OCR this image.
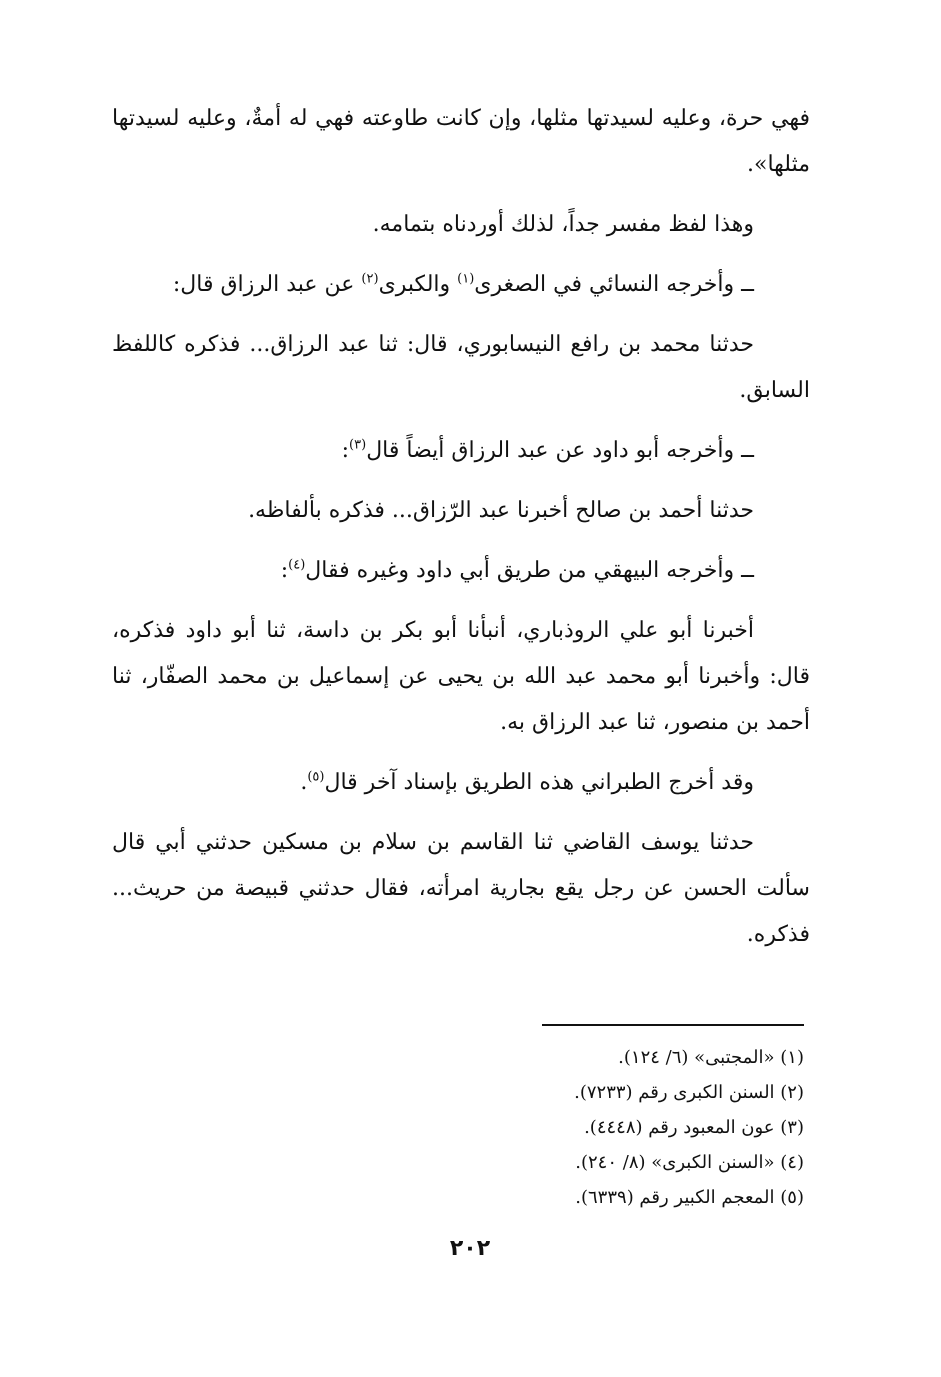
فهي حرة، وعليه لسيدتها مثلها، وإن كانت طاوعته فهي له أمةٌ، وعليه لسيدتها مثلها».

وهذا لفظ مفسر جداً، لذلك أوردناه بتمامه.

ــ وأخرجه النسائي في الصغرى$^{(١)}$ والكبرى$^{(٢)}$ عن عبد الرزاق قال:

حدثنا محمد بن رافع النيسابوري، قال: ثنا عبد الرزاق... فذكره كاللفظ السابق.

ــ وأخرجه أبو داود عن عبد الرزاق أيضاً قال$^{(٣)}$:

حدثنا أحمد بن صالح أخبرنا عبد الرّزاق... فذكره بألفاظه.

ــ وأخرجه البيهقي من طريق أبي داود وغيره فقال$^{(٤)}$:

أخبرنا أبو علي الروذباري، أنبأنا أبو بكر بن داسة، ثنا أبو داود فذكره، قال: وأخبرنا أبو محمد عبد الله بن يحيى عن إسماعيل بن محمد الصفّار، ثنا أحمد بن منصور، ثنا عبد الرزاق به.

وقد أخرج الطبراني هذه الطريق بإسناد آخر قال$^{(٥)}$.

حدثنا يوسف القاضي ثنا القاسم بن سلام بن مسكين حدثني أبي قال سألت الحسن عن رجل يقع بجارية امرأته، فقال حدثني قبيصة من حريث... فذكره.

(١) «المجتبى» (٦/ ١٢٤).
(٢) السنن الكبرى رقم (٧٢٣٣).
(٣) عون المعبود رقم (٤٤٤٨).
(٤) «السنن الكبرى» (٨/ ٢٤٠).
(٥) المعجم الكبير رقم (٦٣٣٩).
٢٠٢
